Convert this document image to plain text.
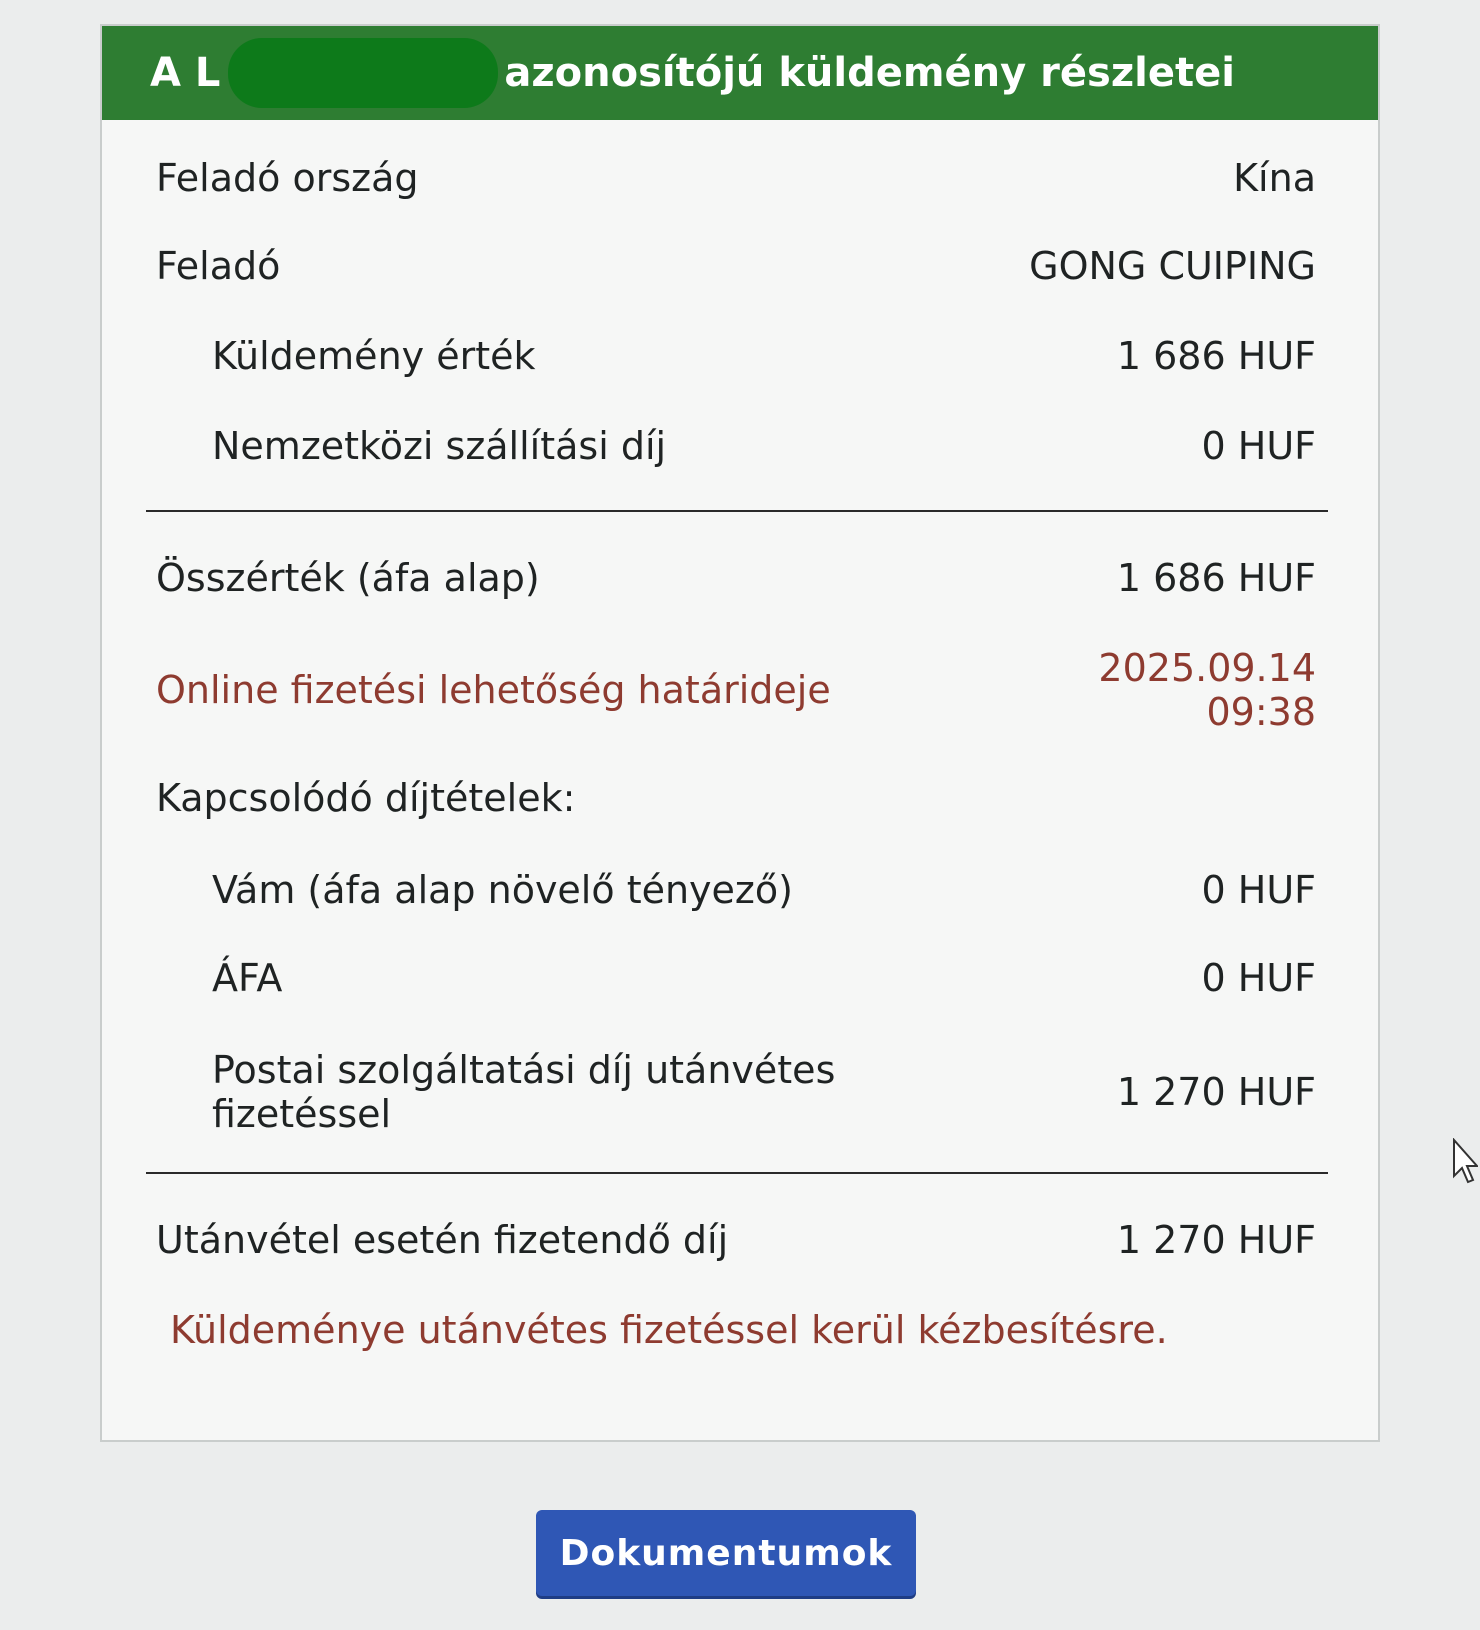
A L	azonosítójú küldemény részletei
Feladó ország	Kína
Feladó	GONG CUIPING
Küldemény érték	1 686 HUF
Nemzetközi szállítási díj	0 HUF
Összérték (áfa alap)	1 686 HUF
Online fizetési lehetőség határideje	2025.09.14
09:38
Kapcsolódó díjtételek:
Vám (áfa alap növelő tényező)	0 HUF
ÁFA	0 HUF
Postai szolgáltatási díj utánvétes
fizetéssel	1 270 HUF
Utánvétel esetén fizetendő díj	1 270 HUF
Küldeménye utánvétes fizetéssel kerül kézbesítésre.
Dokumentumok
